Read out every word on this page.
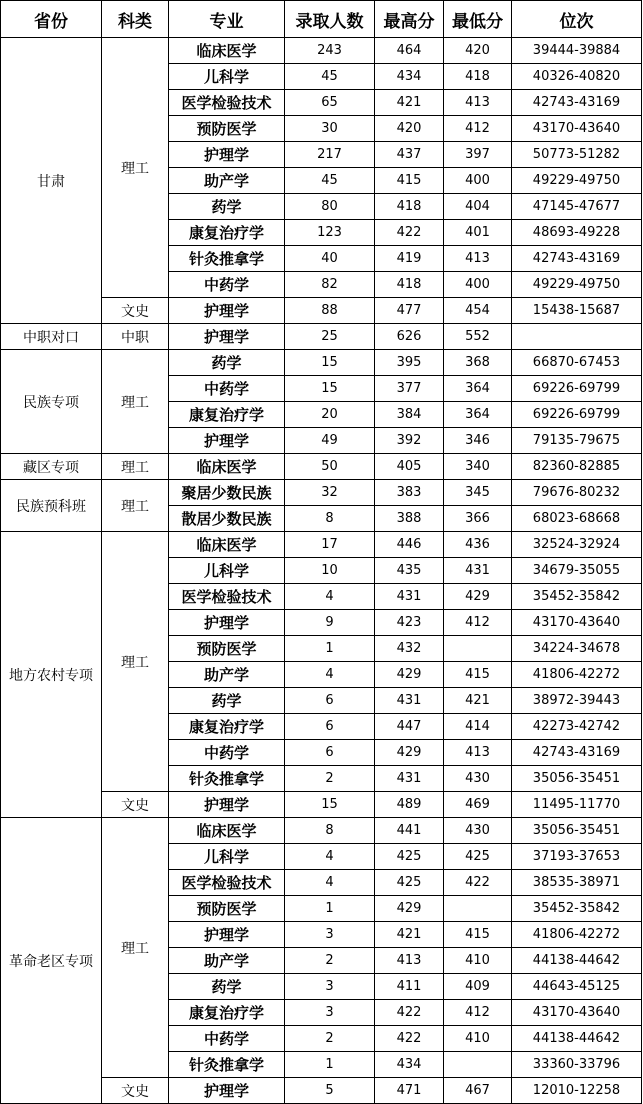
省份	科类	专业	录取人数	最高分	最低分	位次
甘肃	理工	临床医学	243	464	420	39444-39884
		儿科学	45	434	418	40326-40820
		医学检验技术	65	421	413	42743-43169
		预防医学	30	420	412	43170-43640
		护理学	217	437	397	50773-51282
		助产学	45	415	400	49229-49750
		药学	80	418	404	47145-47677
		康复治疗学	123	422	401	48693-49228
		针灸推拿学	40	419	413	42743-43169
		中药学	82	418	400	49229-49750
	文史	护理学	88	477	454	15438-15687
中职对口	中职	护理学	25	626	552	
民族专项	理工	药学	15	395	368	66870-67453
		中药学	15	377	364	69226-69799
		康复治疗学	20	384	364	69226-69799
		护理学	49	392	346	79135-79675
藏区专项	理工	临床医学	50	405	340	82360-82885
民族预科班	理工	聚居少数民族	32	383	345	79676-80232
		散居少数民族	8	388	366	68023-68668
地方农村专项	理工	临床医学	17	446	436	32524-32924
		儿科学	10	435	431	34679-35055
		医学检验技术	4	431	429	35452-35842
		护理学	9	423	412	43170-43640
		预防医学	1	432		34224-34678
		助产学	4	429	415	41806-42272
		药学	6	431	421	38972-39443
		康复治疗学	6	447	414	42273-42742
		中药学	6	429	413	42743-43169
		针灸推拿学	2	431	430	35056-35451
	文史	护理学	15	489	469	11495-11770
革命老区专项	理工	临床医学	8	441	430	35056-35451
		儿科学	4	425	425	37193-37653
		医学检验技术	4	425	422	38535-38971
		预防医学	1	429		35452-35842
		护理学	3	421	415	41806-42272
		助产学	2	413	410	44138-44642
		药学	3	411	409	44643-45125
		康复治疗学	3	422	412	43170-43640
		中药学	2	422	410	44138-44642
		针灸推拿学	1	434		33360-33796
	文史	护理学	5	471	467	12010-12258
